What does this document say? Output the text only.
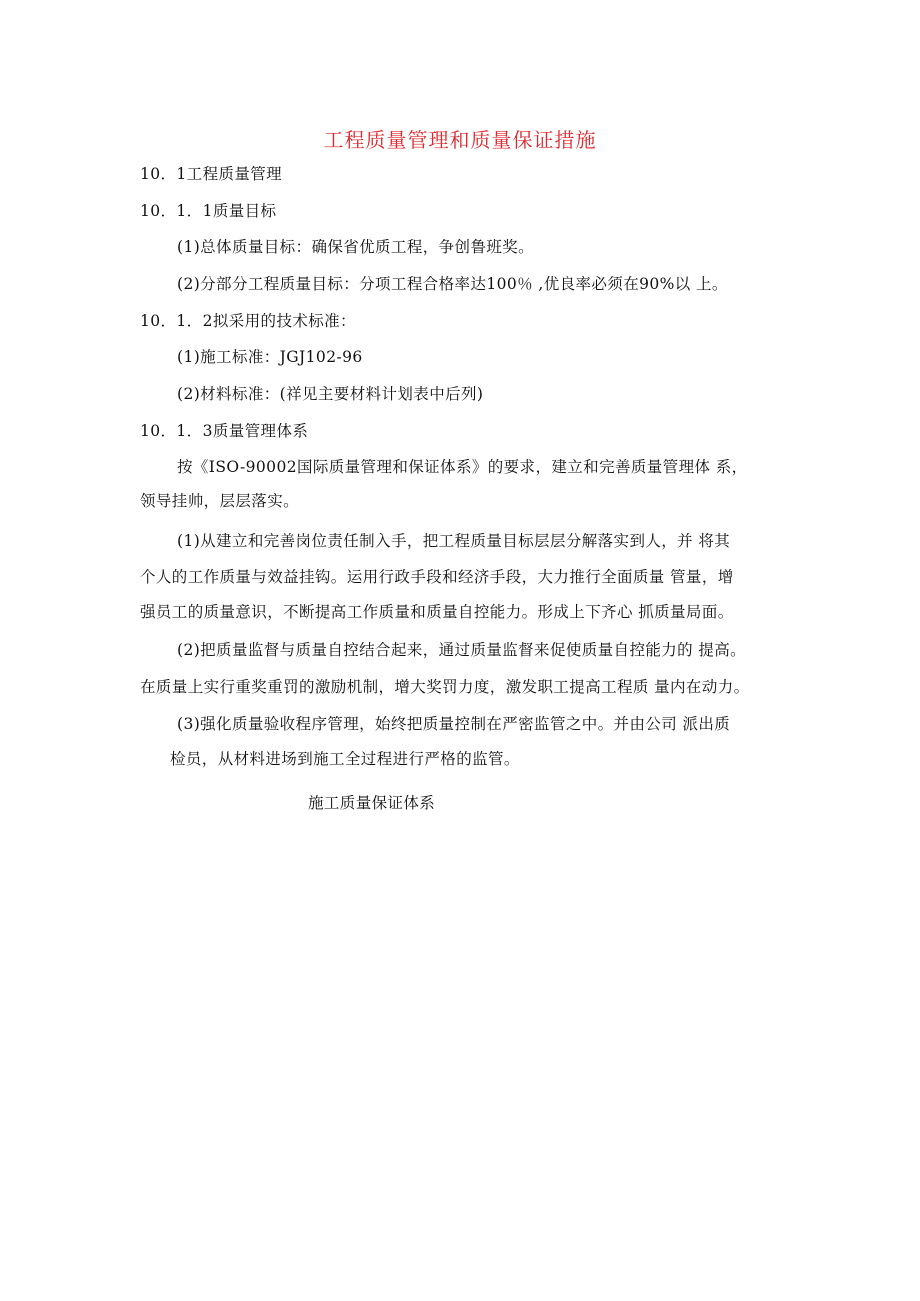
工程质量管理和质量保证措施
10．1工程质量管理
10．1．1质量目标
(1)总体质量目标：确保省优质工程，争创鲁班奖。
(2)分部分工程质量目标：分项工程合格率达100％ ,优良率必须在90%以 上。
10．1．2拟采用的技术标准：
(1)施工标准：JGJ102-96
(2)材料标准：(祥见主要材料计划表中后列)
10．1．3质量管理体系
按《ISO-90002国际质量管理和保证体系》的要求，建立和完善质量管理体 系，
领导挂帅，层层落实。
(1)从建立和完善岗位责任制入手，把工程质量目标层层分解落实到人，并 将其
个人的工作质量与效益挂钩。运用行政手段和经济手段，大力推行全面质量 管量，增
强员工的质量意识，不断提高工作质量和质量自控能力。形成上下齐心 抓质量局面。
(2)把质量监督与质量自控结合起来，通过质量监督来促使质量自控能力的 提高。
在质量上实行重奖重罚的激励机制，增大奖罚力度，激发职工提高工程质 量内在动力。
(3)强化质量验收程序管理，始终把质量控制在严密监管之中。并由公司 派出质
检员，从材料进场到施工全过程进行严格的监管。
施工质量保证体系
